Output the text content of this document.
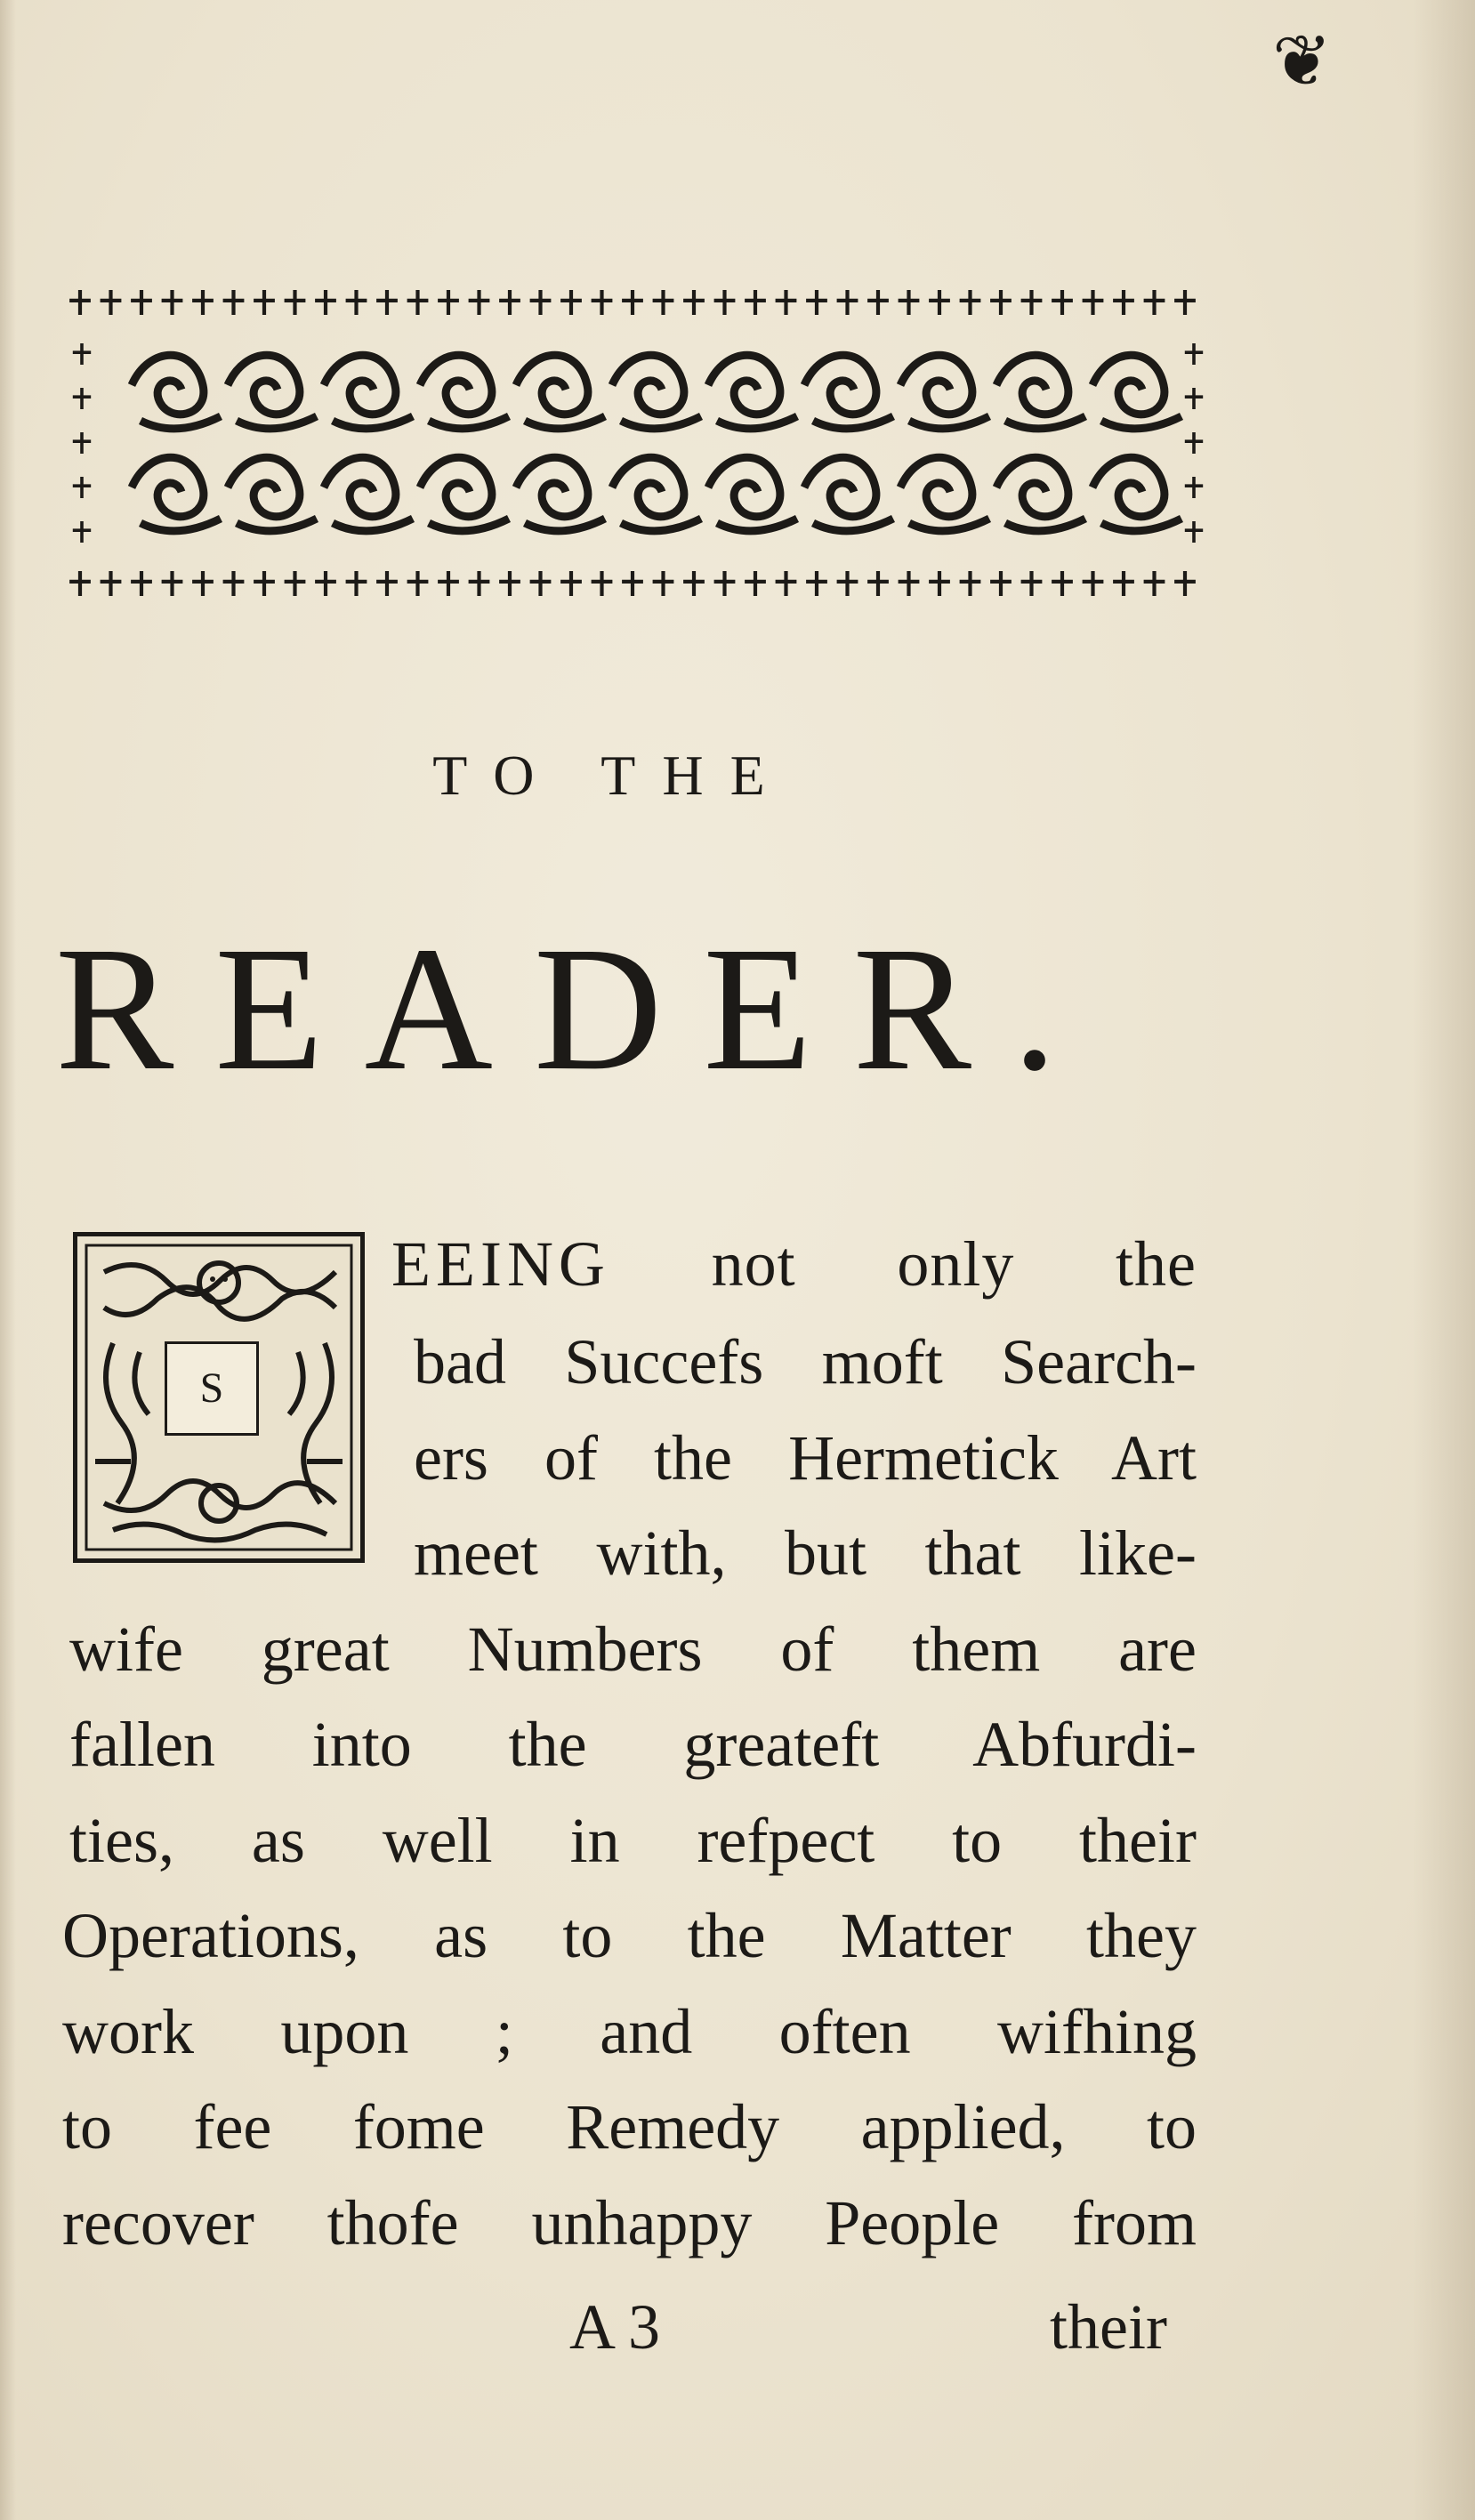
❦
TO THE
READER.
S
EEING not only the
bad Succefs moft Search-
ers of the Hermetick Art
meet with, but that like-
wife great Numbers of them are
fallen into the greateft Abfurdi-
ties, as well in refpect to their
Operations, as to the Matter they
work upon ; and often wifhing
to fee fome Remedy applied, to
recover thofe unhappy People from
A 3	their
